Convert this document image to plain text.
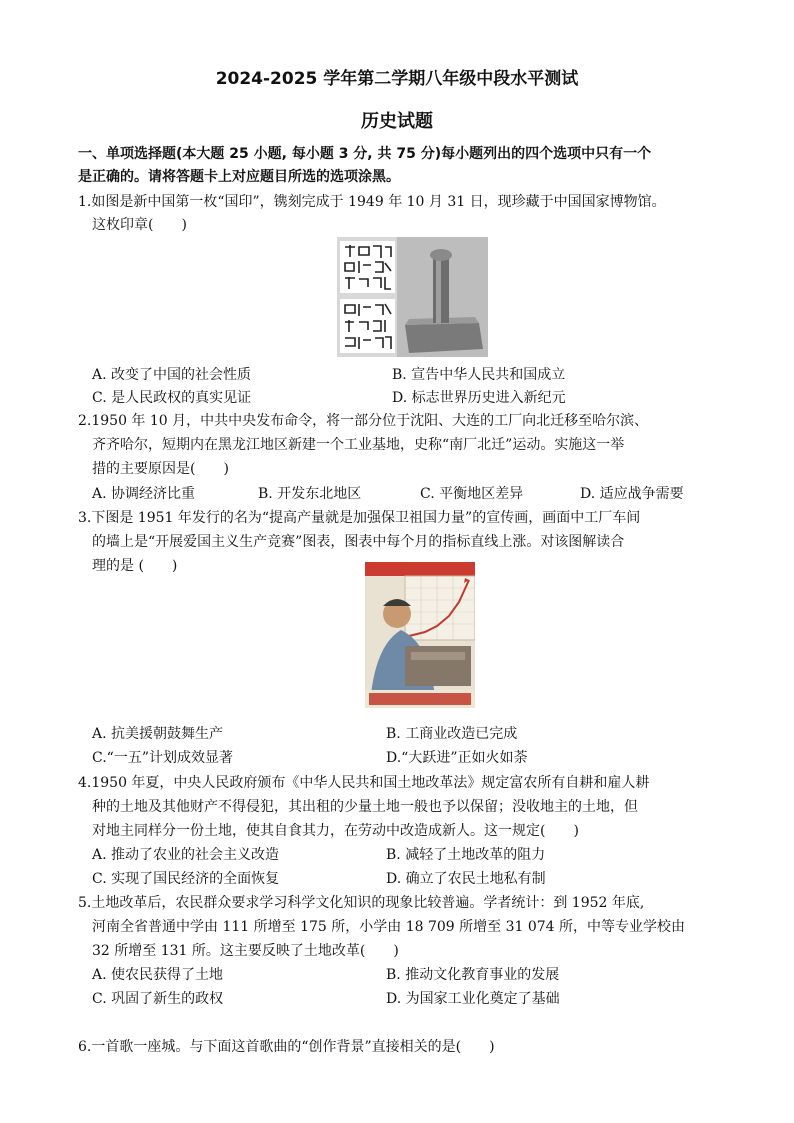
2024-2025 学年第二学期八年级中段水平测试
历史试题
一、单项选择题(本大题 25 小题, 每小题 3 分, 共 75 分)每小题列出的四个选项中只有一个
是正确的。请将答题卡上对应题目所选的选项涂黑。
1.如图是新中国第一枚“国印”，镌刻完成于 1949 年 10 月 31 日，现珍藏于中国国家博物馆。
这枚印章(　　)
A. 改变了中国的社会性质	B. 宣告中华人民共和国成立
C. 是人民政权的真实见证	D. 标志世界历史进入新纪元
2.1950 年 10 月，中共中央发布命令，将一部分位于沈阳、大连的工厂向北迁移至哈尔滨、
齐齐哈尔，短期内在黑龙江地区新建一个工业基地，史称“南厂北迁”运动。实施这一举
措的主要原因是(　　)
A. 协调经济比重	B. 开发东北地区	C. 平衡地区差异	D. 适应战争需要
3.下图是 1951 年发行的名为“提高产量就是加强保卫祖国力量”的宣传画，画面中工厂车间
的墙上是“开展爱国主义生产竞赛”图表，图表中每个月的指标直线上涨。对该图解读合
理的是 (　　)
A. 抗美援朝鼓舞生产	B. 工商业改造已完成
C.“一五”计划成效显著	D.“大跃进”正如火如荼
4.1950 年夏，中央人民政府颁布《中华人民共和国土地改革法》规定富农所有自耕和雇人耕
种的土地及其他财产不得侵犯，其出租的少量土地一般也予以保留；没收地主的土地，但
对地主同样分一份土地，使其自食其力，在劳动中改造成新人。这一规定(　　)
A. 推动了农业的社会主义改造	B. 减轻了土地改革的阻力
C. 实现了国民经济的全面恢复	D. 确立了农民土地私有制
5.土地改革后，农民群众要求学习科学文化知识的现象比较普遍。学者统计：到 1952 年底,
河南全省普通中学由 111 所增至 175 所，小学由 18 709 所增至 31 074 所，中等专业学校由
32 所增至 131 所。这主要反映了土地改革(　　)
A. 使农民获得了土地	B. 推动文化教育事业的发展
C. 巩固了新生的政权	D. 为国家工业化奠定了基础
6.一首歌一座城。与下面这首歌曲的“创作背景”直接相关的是(　　)
